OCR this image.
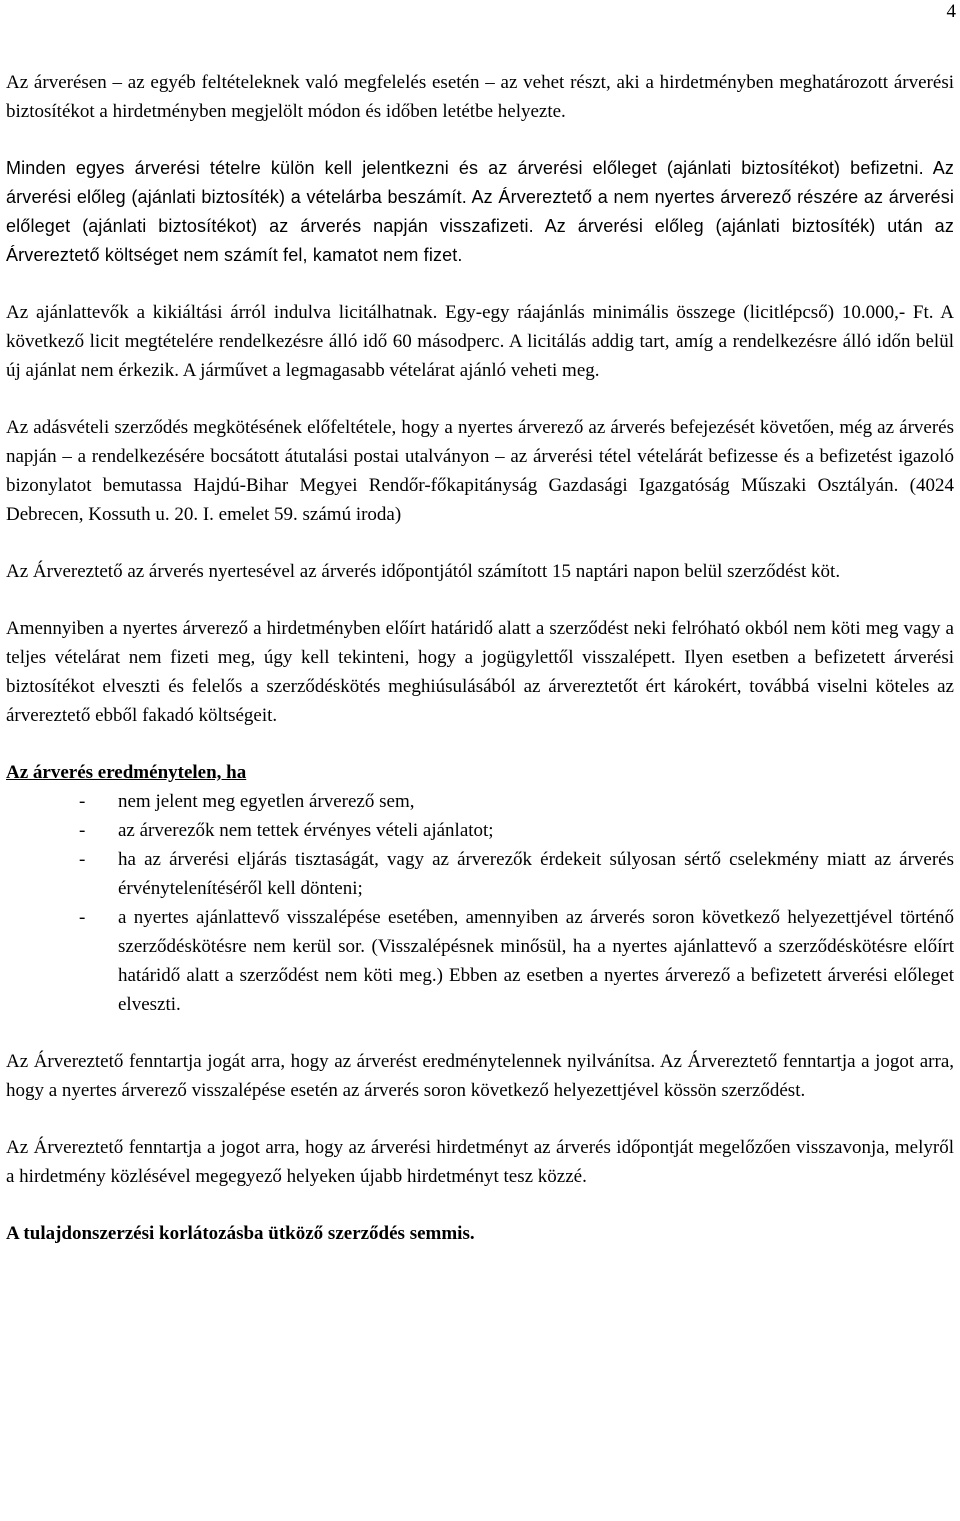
4

Az árverésen – az egyéb feltételeknek való megfelelés esetén – az vehet részt, aki a hirdetményben meghatározott árverési biztosítékot a hirdetményben megjelölt módon és időben letétbe helyezte.

Minden egyes árverési tételre külön kell jelentkezni és az árverési előleget (ajánlati biztosítékot) befizetni. Az árverési előleg (ajánlati biztosíték) a vételárba beszámít. Az Árvereztető a nem nyertes árverező részére az árverési előleget (ajánlati biztosítékot) az árverés napján visszafizeti. Az árverési előleg (ajánlati biztosíték) után az Árvereztető költséget nem számít fel, kamatot nem fizet.

Az ajánlattevők a kikiáltási árról indulva licitálhatnak. Egy-egy ráajánlás minimális összege (licitlépcső) 10.000,- Ft. A következő licit megtételére rendelkezésre álló idő 60 másodperc. A licitálás addig tart, amíg a rendelkezésre álló időn belül új ajánlat nem érkezik. A járművet a legmagasabb vételárat ajánló veheti meg.

Az adásvételi szerződés megkötésének előfeltétele, hogy a nyertes árverező az árverés befejezését követően, még az árverés napján – a rendelkezésére bocsátott átutalási postai utalványon – az árverési tétel vételárát befizesse és a befizetést igazoló bizonylatot bemutassa Hajdú-Bihar Megyei Rendőr-főkapitányság Gazdasági Igazgatóság Műszaki Osztályán. (4024 Debrecen, Kossuth u. 20. I. emelet 59. számú iroda)

Az Árvereztető az árverés nyertesével az árverés időpontjától számított 15 naptári napon belül szerződést köt.

Amennyiben a nyertes árverező a hirdetményben előírt határidő alatt a szerződést neki felróható okból nem köti meg vagy a teljes vételárat nem fizeti meg, úgy kell tekinteni, hogy a jogügylettől visszalépett. Ilyen esetben a befizetett árverési biztosítékot elveszti és felelős a szerződéskötés meghiúsulásából az árvereztetőt ért károkért, továbbá viselni köteles az árvereztető ebből fakadó költségeit.

Az árverés eredménytelen, ha

- nem jelent meg egyetlen árverező sem,
- az árverezők nem tettek érvényes vételi ajánlatot;
- ha az árverési eljárás tisztaságát, vagy az árverezők érdekeit súlyosan sértő cselekmény miatt az árverés érvénytelenítéséről kell dönteni;
- a nyertes ajánlattevő visszalépése esetében, amennyiben az árverés soron következő helyezettjével történő szerződéskötésre nem kerül sor. (Visszalépésnek minősül, ha a nyertes ajánlattevő a szerződéskötésre előírt határidő alatt a szerződést nem köti meg.) Ebben az esetben a nyertes árverező a befizetett árverési előleget elveszti.

Az Árvereztető fenntartja jogát arra, hogy az árverést eredménytelennek nyilvánítsa. Az Árvereztető fenntartja a jogot arra, hogy a nyertes árverező visszalépése esetén az árverés soron következő helyezettjével kössön szerződést.

Az Árvereztető fenntartja a jogot arra, hogy az árverési hirdetményt az árverés időpontját megelőzően visszavonja, melyről a hirdetmény közlésével megegyező helyeken újabb hirdetményt tesz közzé.

A tulajdonszerzési korlátozásba ütköző szerződés semmis.
